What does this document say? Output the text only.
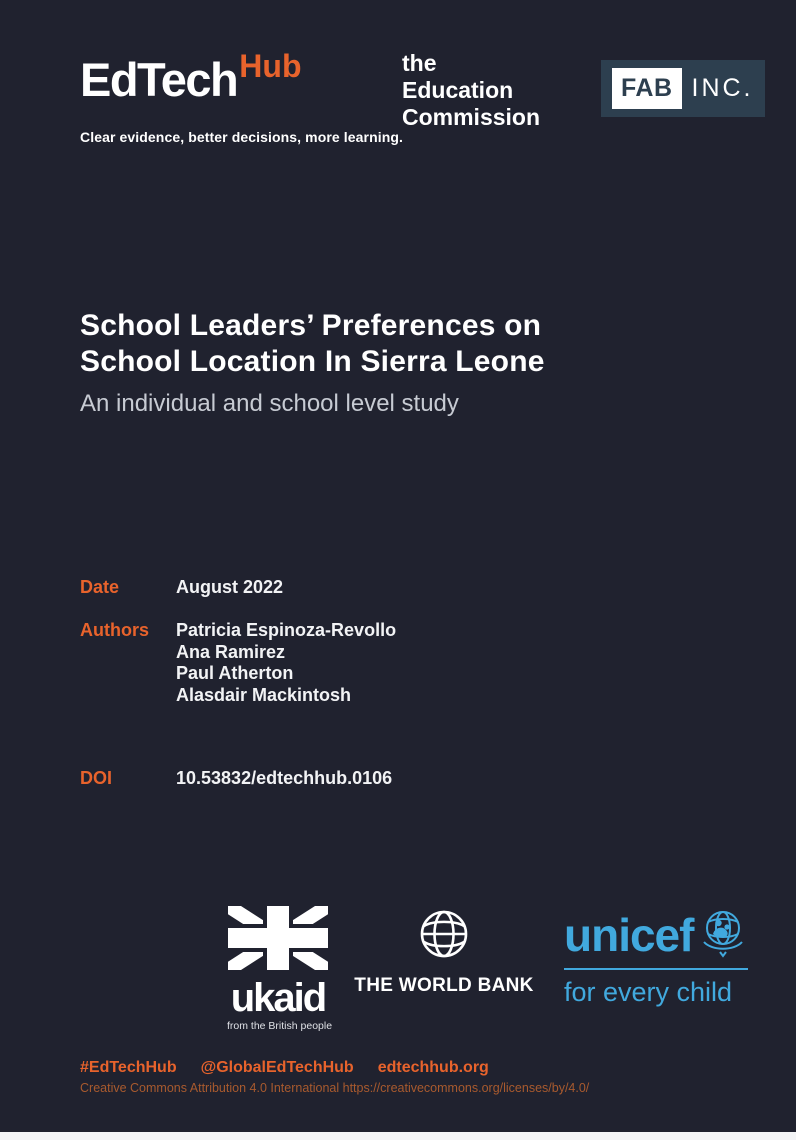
EdTech Hub
Clear evidence, better decisions, more learning.
the
Education
Commission
FAB INC.
School Leaders’ Preferences on
School Location In Sierra Leone
An individual and school level study
Date	August 2022
Authors	Patricia Espinoza-Revollo
Ana Ramirez
Paul Atherton
Alasdair Mackintosh
DOI	10.53832/edtechhub.0106
ukaid
from the British people
THE WORLD BANK
unicef
for every child
#EdTechHub @GlobalEdTechHub edtechhub.org
Creative Commons Attribution 4.0 International https://creativecommons.org/licenses/by/4.0/
